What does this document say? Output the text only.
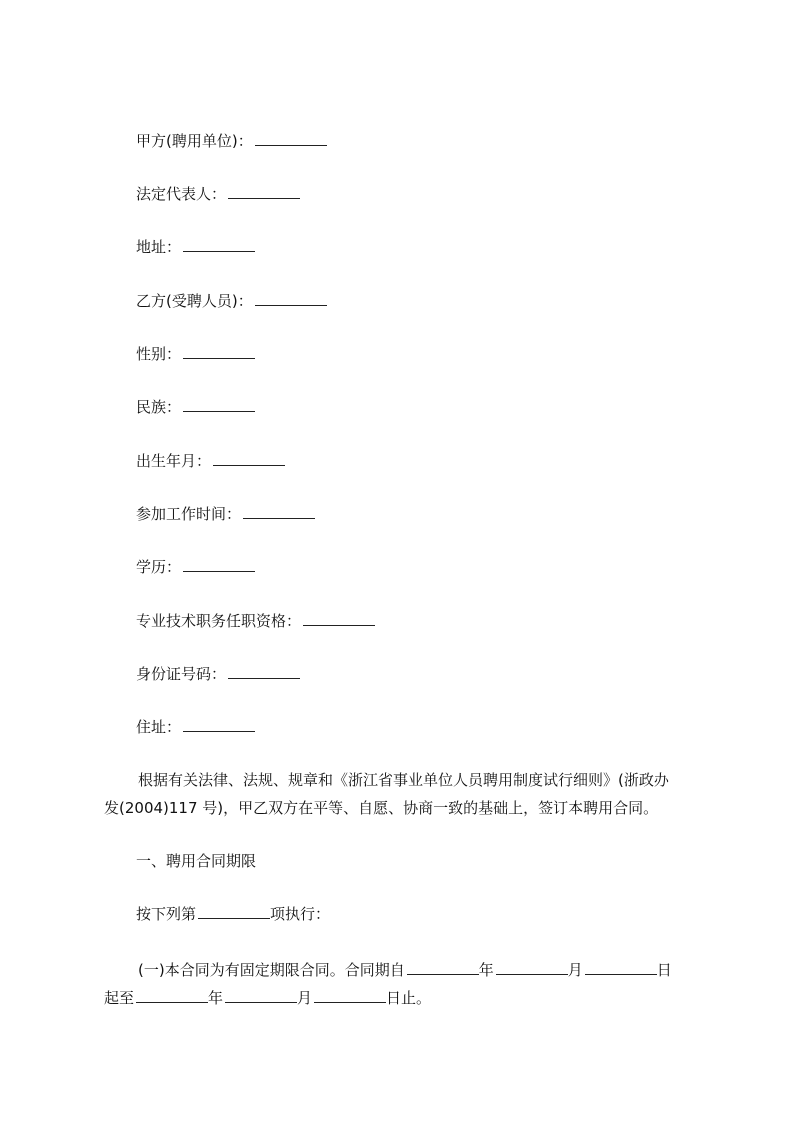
甲方(聘用单位)：
法定代表人：
地址：
乙方(受聘人员)：
性别：
民族：
出生年月：
参加工作时间：
学历：
专业技术职务任职资格：
身份证号码：
住址：
根据有关法律、法规、规章和《浙江省事业单位人员聘用制度试行细则》(浙政办
发(2004)117 号)，甲乙双方在平等、自愿、协商一致的基础上，签订本聘用合同。
一、聘用合同期限
按下列第	项执行：
(一)本合同为有固定期限合同。合同期自	年	月	日
起至	年	月	日止。
